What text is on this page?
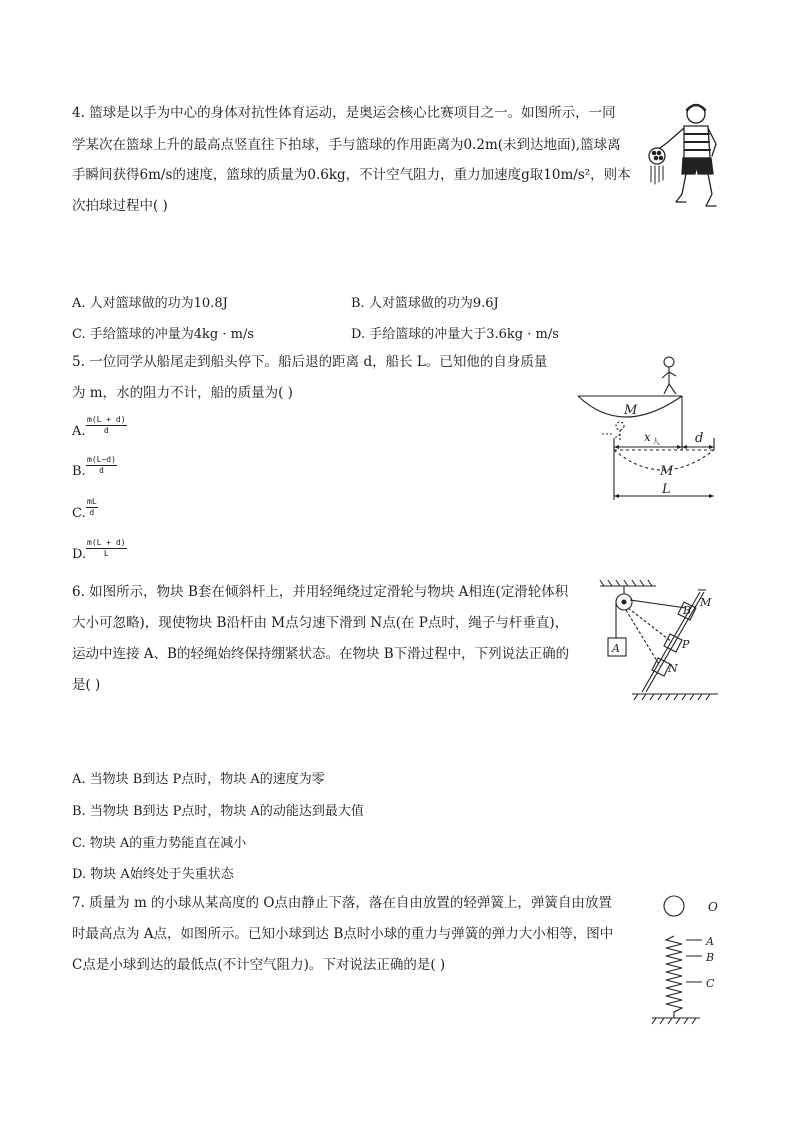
4. 篮球是以手为中心的身体对抗性体育运动，是奥运会核心比赛项目之一。如图所示，一同
学某次在篮球上升的最高点竖直往下拍球，手与篮球的作用距离为0.2m(未到达地面),篮球离
手瞬间获得6m/s的速度，篮球的质量为0.6kg，不计空气阻力，重力加速度g取10m/s²，则本
次拍球过程中( )
A. 人对篮球做的功为10.8J	B. 人对篮球做的功为9.6J
C. 手给篮球的冲量为4kg · m/s	D. 手给篮球的冲量大于3.6kg · m/s
5. 一位同学从船尾走到船头停下。船后退的距离 d，船长 L。已知他的自身质量
为 m，水的阻力不计，船的质量为( )
A. $\frac{m(L + d)}{d}$
B. $\frac{m(L-d)}{d}$
C. $\frac{mL}{d}$
D. $\frac{m(L + d)}{L}$
M
x 人	d
M
L
6. 如图所示，物块 B套在倾斜杆上，并用轻绳绕过定滑轮与物块 A相连(定滑轮体积
大小可忽略)，现使物块 B沿杆由 M点匀速下滑到 N点(在 P点时，绳子与杆垂直)，
运动中连接 A、B的轻绳始终保持绷紧状态。在物块 B下滑过程中，下列说法正确的
是( )
A
B
M
P
N
A. 当物块 B到达 P点时，物块 A的速度为零
B. 当物块 B到达 P点时，物块 A的动能达到最大值
C. 物块 A的重力势能直在减小
D. 物块 A始终处于失重状态
7. 质量为 m 的小球从某高度的 O点由静止下落，落在自由放置的轻弹簧上，弹簧自由放置
时最高点为 A点，如图所示。已知小球到达 B点时小球的重力与弹簧的弹力大小相等，图中
C点是小球到达的最低点(不计空气阻力)。下对说法正确的是( )
O
A
B
C
